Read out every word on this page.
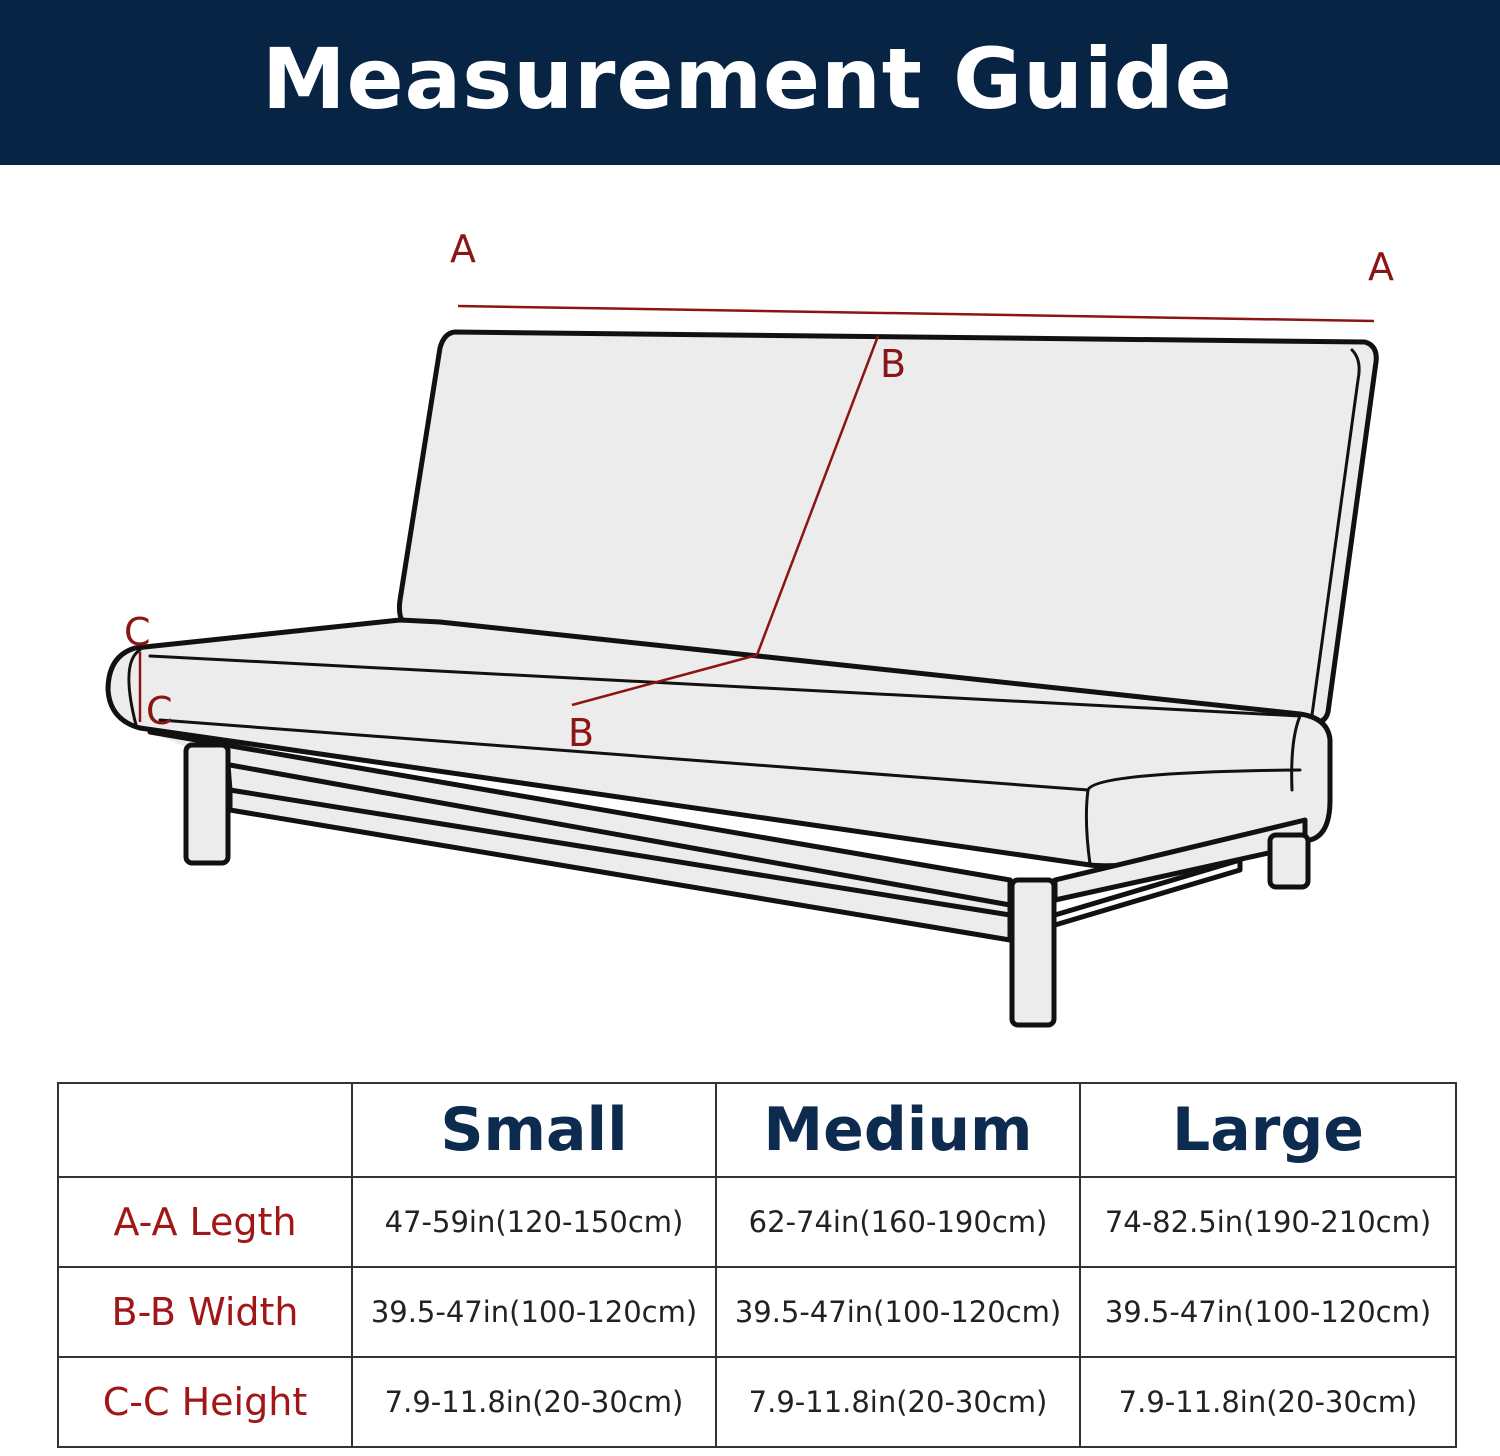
Measurement Guide
A	A
B
B
C
C
	Small	Medium	Large
A-A Legth	47-59in(120-150cm)	62-74in(160-190cm)	74-82.5in(190-210cm)
B-B Width	39.5-47in(100-120cm)	39.5-47in(100-120cm)	39.5-47in(100-120cm)
C-C Height	7.9-11.8in(20-30cm)	7.9-11.8in(20-30cm)	7.9-11.8in(20-30cm)
